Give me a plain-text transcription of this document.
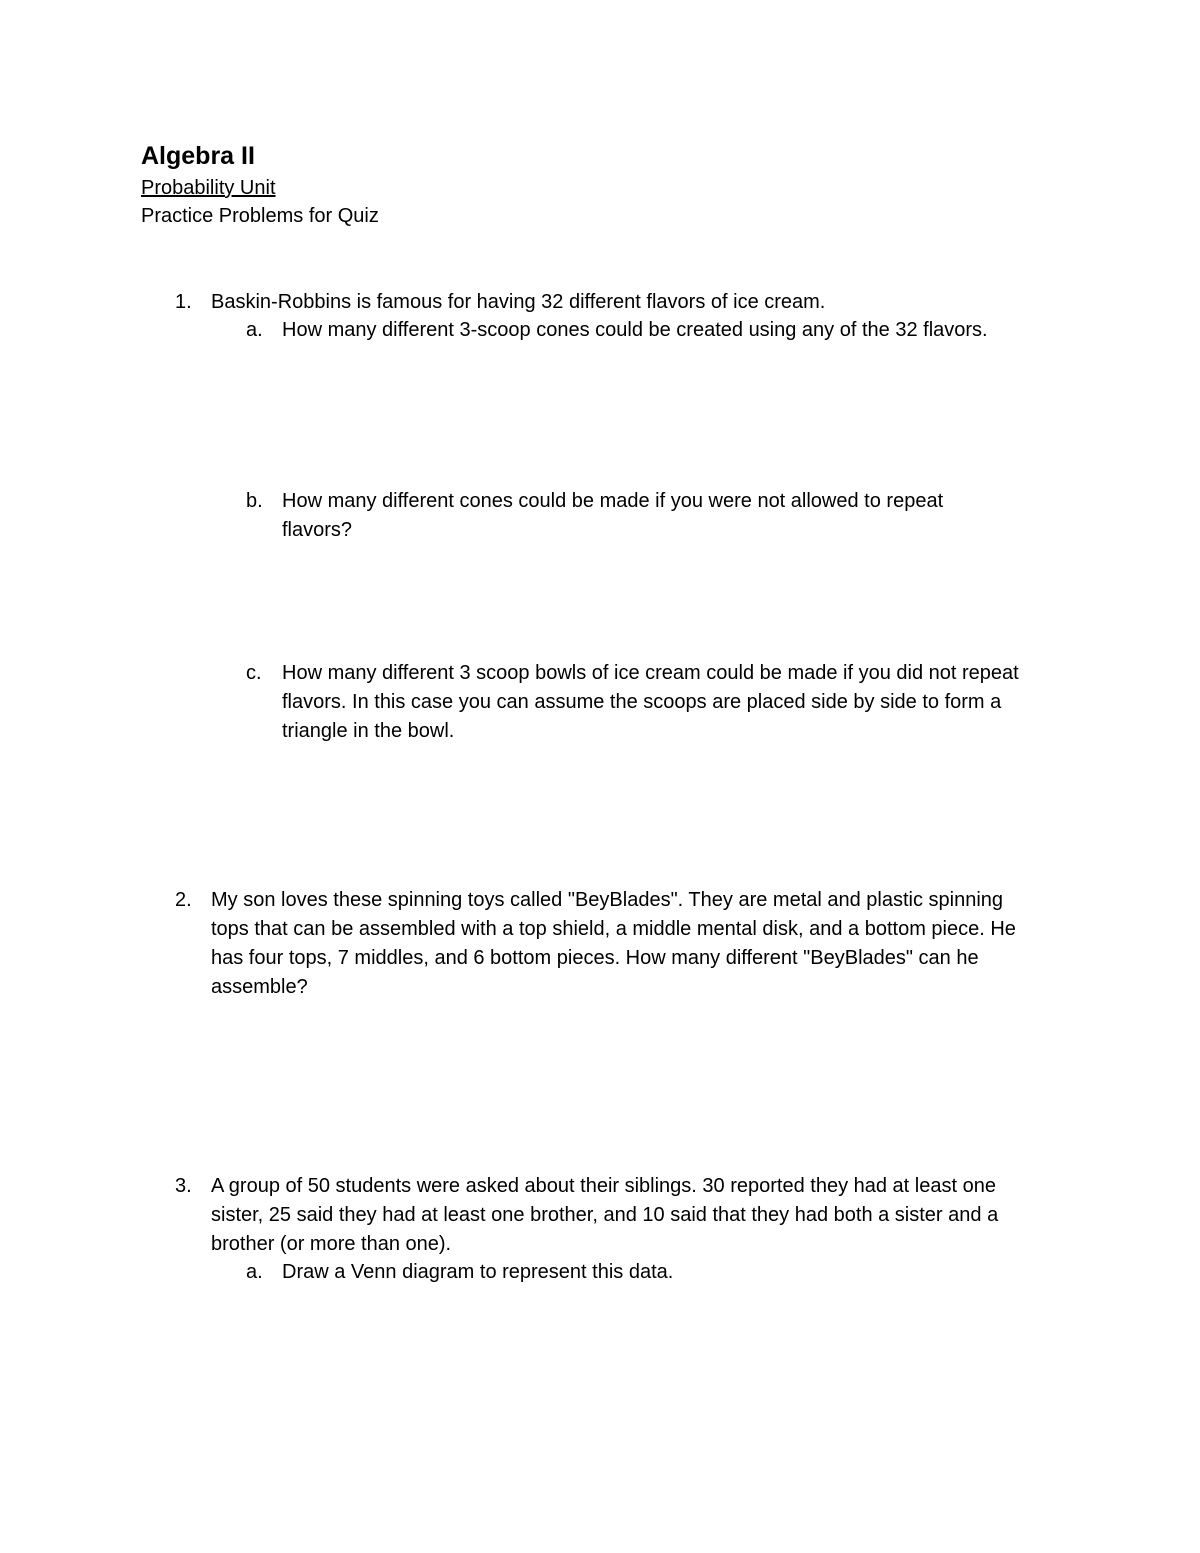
Algebra II
Probability Unit
Practice Problems for Quiz
1. Baskin-Robbins is famous for having 32 different flavors of ice cream.
a. How many different 3-scoop cones could be created using any of the 32 flavors.
b. How many different cones could be made if you were not allowed to repeat flavors?
c. How many different 3 scoop bowls of ice cream could be made if you did not repeat flavors. In this case you can assume the scoops are placed side by side to form a triangle in the bowl.
2. My son loves these spinning toys called "BeyBlades". They are metal and plastic spinning tops that can be assembled with a top shield, a middle mental disk, and a bottom piece. He has four tops, 7 middles, and 6 bottom pieces. How many different "BeyBlades" can he assemble?
3. A group of 50 students were asked about their siblings. 30 reported they had at least one sister, 25 said they had at least one brother, and 10 said that they had both a sister and a brother (or more than one).
a. Draw a Venn diagram to represent this data.
